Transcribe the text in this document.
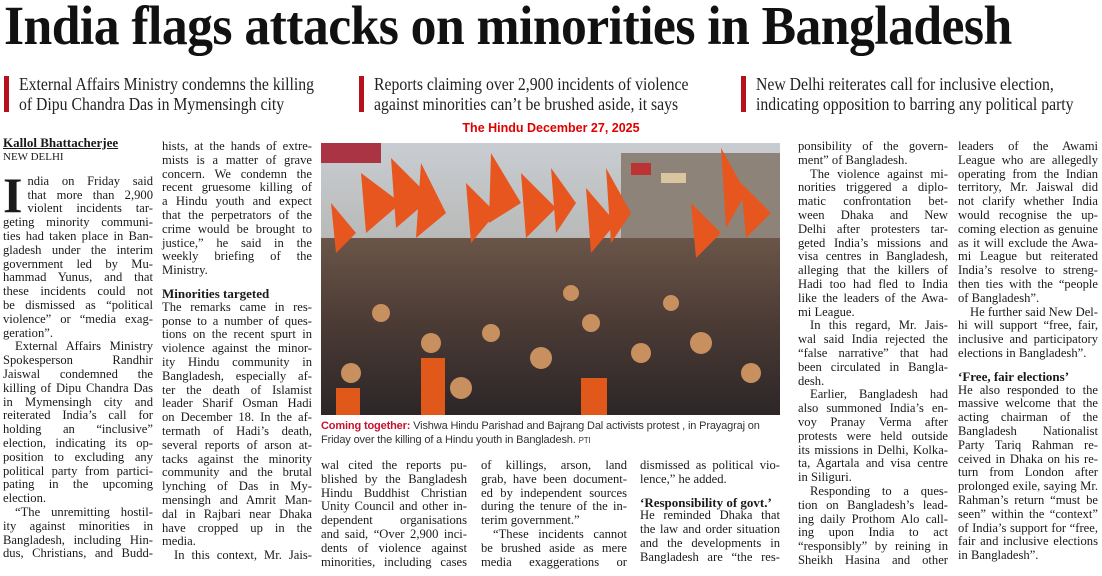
India flags attacks on minorities in Bangladesh
External Affairs Ministry condemns the killing
of Dipu Chandra Das in Mymensingh city
Reports claiming over 2,900 incidents of violence
against minorities can’t be brushed aside, it says
New Delhi reiterates call for inclusive election,
indicating opposition to barring any political party
The Hindu December 27, 2025
Kallol Bhattacherjee
NEW DELHI
I ndia on Friday said
that more than 2,900
violent incidents tar-
geting minority communi-
ties had taken place in Ban-
gladesh under the interim
government led by Mu-
hammad Yunus, and that
these incidents could not
be dismissed as “political
violence” or “media exag-
geration”.
External Affairs Ministry
Spokesperson Randhir
Jaiswal condemned the
killing of Dipu Chandra Das
in Mymensingh city and
reiterated India’s call for
holding an “inclusive”
election, indicating its op-
position to excluding any
political party from partici-
pating in the upcoming
election.
“The unremitting hostil-
ity against minorities in
Bangladesh, including Hin-
dus, Christians, and Budd-
hists, at the hands of extre-
mists is a matter of grave
concern. We condemn the
recent gruesome killing of
a Hindu youth and expect
that the perpetrators of the
crime would be brought to
justice,” he said in the
weekly briefing of the
Ministry.
Minorities targeted
The remarks came in res-
ponse to a number of ques-
tions on the recent spurt in
violence against the minor-
ity Hindu community in
Bangladesh, especially af-
ter the death of Islamist
leader Sharif Osman Hadi
on December 18. In the af-
termath of Hadi’s death,
several reports of arson at-
tacks against the minority
community and the brutal
lynching of Das in My-
mensingh and Amrit Man-
dal in Rajbari near Dhaka
have cropped up in the
media.
In this context, Mr. Jais-
wal cited the reports pu-
blished by the Bangladesh
Hindu Buddhist Christian
Unity Council and other in-
dependent organisations
and said, “Over 2,900 inci-
dents of violence against
minorities, including cases
of killings, arson, land
grab, have been document-
ed by independent sources
during the tenure of the in-
terim government.”
“These incidents cannot
be brushed aside as mere
media exaggerations or
dismissed as political vio-
lence,” he added.
‘Responsibility of govt.’
He reminded Dhaka that
the law and order situation
and the developments in
Bangladesh are “the res-
ponsibility of the govern-
ment” of Bangladesh.
The violence against mi-
norities triggered a diplo-
matic confrontation bet-
ween Dhaka and New
Delhi after protesters tar-
geted India’s missions and
visa centres in Bangladesh,
alleging that the killers of
Hadi too had fled to India
like the leaders of the Awa-
mi League.
In this regard, Mr. Jais-
wal said India rejected the
“false narrative” that had
been circulated in Bangla-
desh.
Earlier, Bangladesh had
also summoned India’s en-
voy Pranay Verma after
protests were held outside
its missions in Delhi, Kolka-
ta, Agartala and visa centre
in Siliguri.
Responding to a ques-
tion on Bangladesh’s lead-
ing daily Prothom Alo call-
ing upon India to act
“responsibly” by reining in
Sheikh Hasina and other
leaders of the Awami
League who are allegedly
operating from the Indian
territory, Mr. Jaiswal did
not clarify whether India
would recognise the up-
coming election as genuine
as it will exclude the Awa-
mi League but reiterated
India’s resolve to streng-
then ties with the “people
of Bangladesh”.
He further said New Del-
hi will support “free, fair,
inclusive and participatory
elections in Bangladesh”.
‘Free, fair elections’
He also responded to the
massive welcome that the
acting chairman of the
Bangladesh Nationalist
Party Tariq Rahman re-
ceived in Dhaka on his re-
turn from London after
prolonged exile, saying Mr.
Rahman’s return “must be
seen” within the “context”
of India’s support for “free,
fair and inclusive elections
in Bangladesh”.
Coming together: Vishwa Hindu Parishad and Bajrang Dal activists protest , in Prayagraj on Friday over the killing of a Hindu youth in Bangladesh. PTI
